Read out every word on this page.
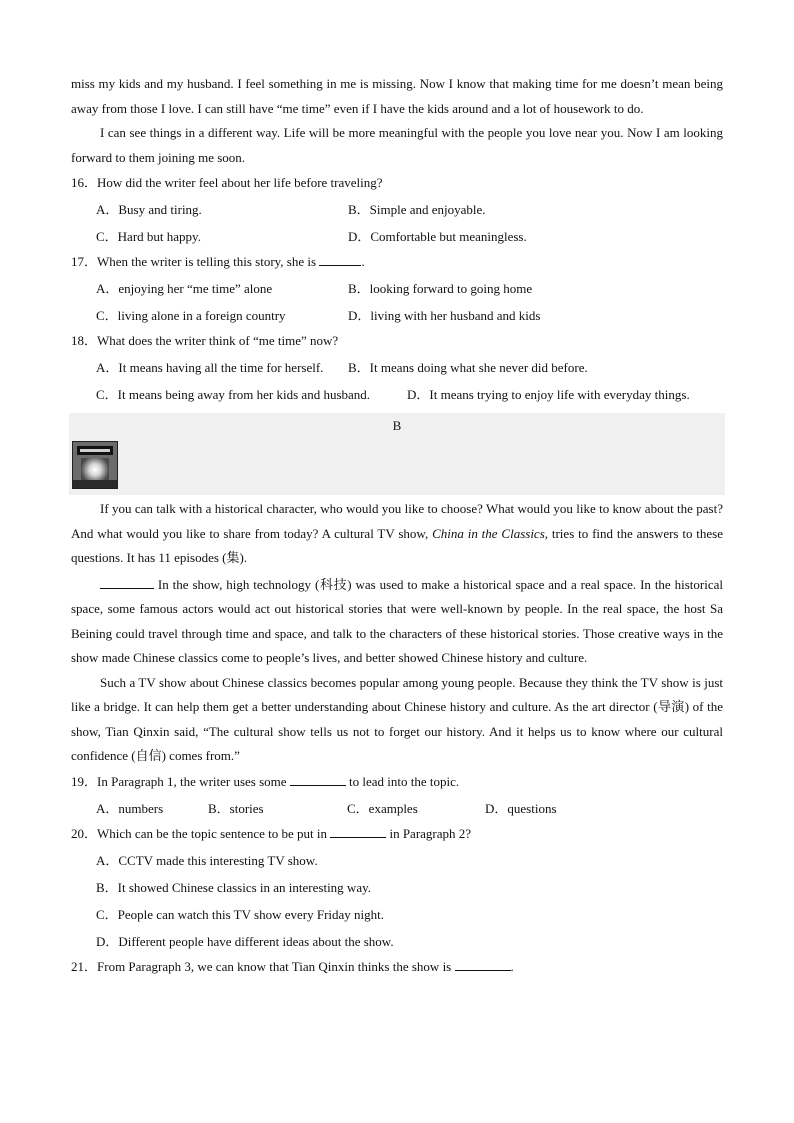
miss my kids and my husband. I feel something in me is missing. Now I know that making time for me doesn’t mean being away from those I love. I can still have “me time” even if I have the kids around and a lot of housework to do.

I can see things in a different way. Life will be more meaningful with the people you love near you. Now I am looking forward to them joining me soon.

16．How did the writer feel about her life before traveling?

A．Busy and tiring.	B．Simple and enjoyable.
C．Hard but happy.	D．Comfortable but meaningless.

17．When the writer is telling this story, she is	.

A．enjoying her “me time” alone	B．looking forward to going home
C．living alone in a foreign country	D．living with her husband and kids

18．What does the writer think of “me time” now?

A．It means having all the time for herself. B．It means doing what she never did before.
C．It means being away from her kids and husband.	D．It means trying to enjoy life with everyday things.
B

If you can talk with a historical character, who would you like to choose? What would you like to know about the past? And what would you like to share from today? A cultural TV show, China in the Classics, tries to find the answers to these questions. It has 11 episodes (集).

In the show, high technology (科技) was used to make a historical space and a real space. In the historical space, some famous actors would act out historical stories that were well-known by people. In the real space, the host Sa Beining could travel through time and space, and talk to the characters of these historical stories. Those creative ways in the show made Chinese classics come to people’s lives, and better showed Chinese history and culture.

Such a TV show about Chinese classics becomes popular among young people. Because they think the TV show is just like a bridge. It can help them get a better understanding about Chinese history and culture. As the art director (导演) of the show, Tian Qinxin said, “The cultural show tells us not to forget our history. And it helps us to know where our cultural confidence (自信) comes from.”

19．In Paragraph 1, the writer uses some	to lead into the topic.

A．numbers	B．stories	C．examples	D．questions

20．Which can be the topic sentence to be put in	in Paragraph 2?

A．CCTV made this interesting TV show.
B．It showed Chinese classics in an interesting way.
C．People can watch this TV show every Friday night.
D．Different people have different ideas about the show.

21．From Paragraph 3, we can know that Tian Qinxin thinks the show is	.
